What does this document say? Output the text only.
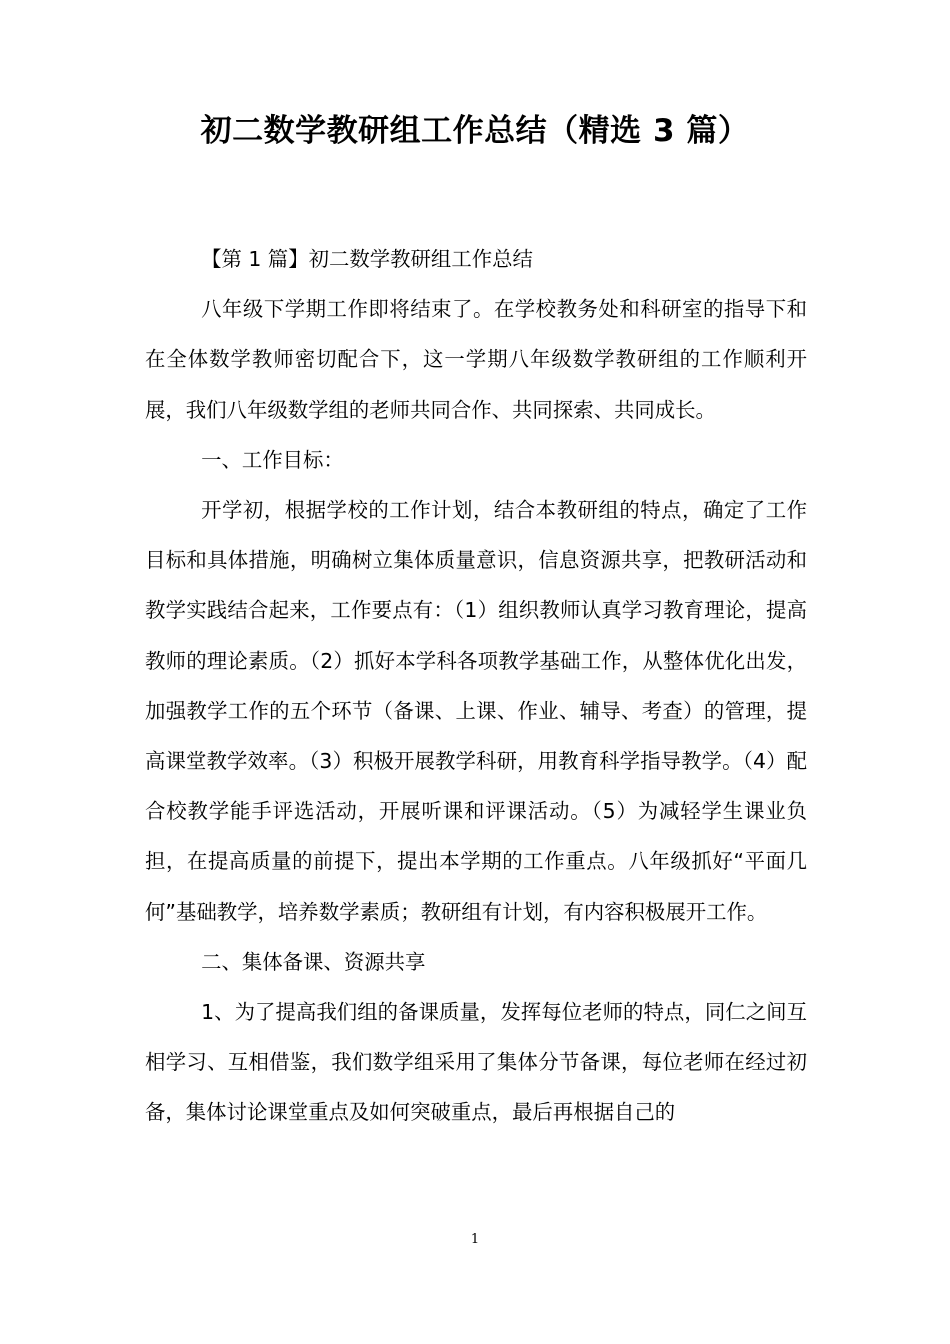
初二数学教研组工作总结（精选 3 篇）

【第 1 篇】初二数学教研组工作总结

八年级下学期工作即将结束了。在学校教务处和科研室的指导下和在全体数学教师密切配合下，这一学期八年级数学教研组的工作顺利开展，我们八年级数学组的老师共同合作、共同探索、共同成长。

一、工作目标：

开学初，根据学校的工作计划，结合本教研组的特点，确定了工作目标和具体措施，明确树立集体质量意识，信息资源共享，把教研活动和教学实践结合起来，工作要点有：（1）组织教师认真学习教育理论，提高教师的理论素质。（2）抓好本学科各项教学基础工作，从整体优化出发，加强教学工作的五个环节（备课、上课、作业、辅导、考查）的管理，提高课堂教学效率。（3）积极开展教学科研，用教育科学指导教学。（4）配合校教学能手评选活动，开展听课和评课活动。（5）为减轻学生课业负担，在提高质量的前提下，提出本学期的工作重点。八年级抓好“平面几何”基础教学，培养数学素质；教研组有计划，有内容积极展开工作。

二、集体备课、资源共享

1、为了提高我们组的备课质量，发挥每位老师的特点，同仁之间互相学习、互相借鉴，我们数学组采用了集体分节备课，每位老师在经过初备，集体讨论课堂重点及如何突破重点，最后再根据自己的

1
